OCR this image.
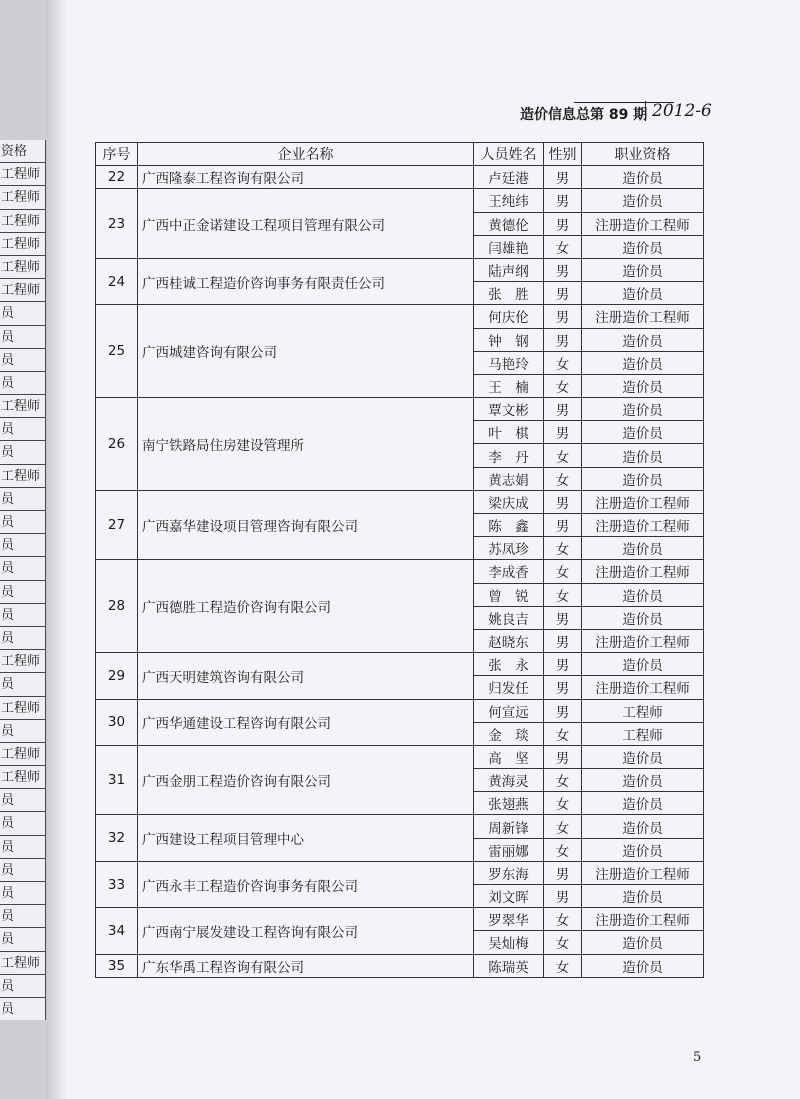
资格
工程师
工程师
工程师
工程师
工程师
工程师
员
员
员
员
工程师
员
员
工程师
员
员
员
员
员
员
员
工程师
员
工程师
员
工程师
工程师
员
员
员
员
员
员
员
工程师
员
员
造价信息总第 89 期 2012-6
序号	企业名称	人员姓名	性别	职业资格
22	广西隆泰工程咨询有限公司	卢廷港	男	造价员
23	广西中正金诺建设工程项目管理有限公司	王纯纬	男	造价员
		黄德伦	男	注册造价工程师
		闫雄艳	女	造价员
24	广西桂诚工程造价咨询事务有限责任公司	陆声纲	男	造价员
		张　胜	男	造价员
25	广西城建咨询有限公司	何庆伦	男	注册造价工程师
		钟　钢	男	造价员
		马艳玲	女	造价员
		王　楠	女	造价员
26	南宁铁路局住房建设管理所	覃文彬	男	造价员
		叶　棋	男	造价员
		李　丹	女	造价员
		黄志娟	女	造价员
27	广西嘉华建设项目管理咨询有限公司	梁庆成	男	注册造价工程师
		陈　鑫	男	注册造价工程师
		苏凤珍	女	造价员
28	广西德胜工程造价咨询有限公司	李成香	女	注册造价工程师
		曾　锐	女	造价员
		姚良吉	男	造价员
		赵晓东	男	注册造价工程师
29	广西天明建筑咨询有限公司	张　永	男	造价员
		归发任	男	注册造价工程师
30	广西华通建设工程咨询有限公司	何宣远	男	工程师
		金　琰	女	工程师
31	广西金朋工程造价咨询有限公司	高　坚	男	造价员
		黄海灵	女	造价员
		张翅燕	女	造价员
32	广西建设工程项目管理中心	周新锋	女	造价员
		雷丽娜	女	造价员
33	广西永丰工程造价咨询事务有限公司	罗东海	男	注册造价工程师
		刘文晖	男	造价员
34	广西南宁展发建设工程咨询有限公司	罗翠华	女	注册造价工程师
		吴灿梅	女	造价员
35	广东华禹工程咨询有限公司	陈瑞英	女	造价员
5
